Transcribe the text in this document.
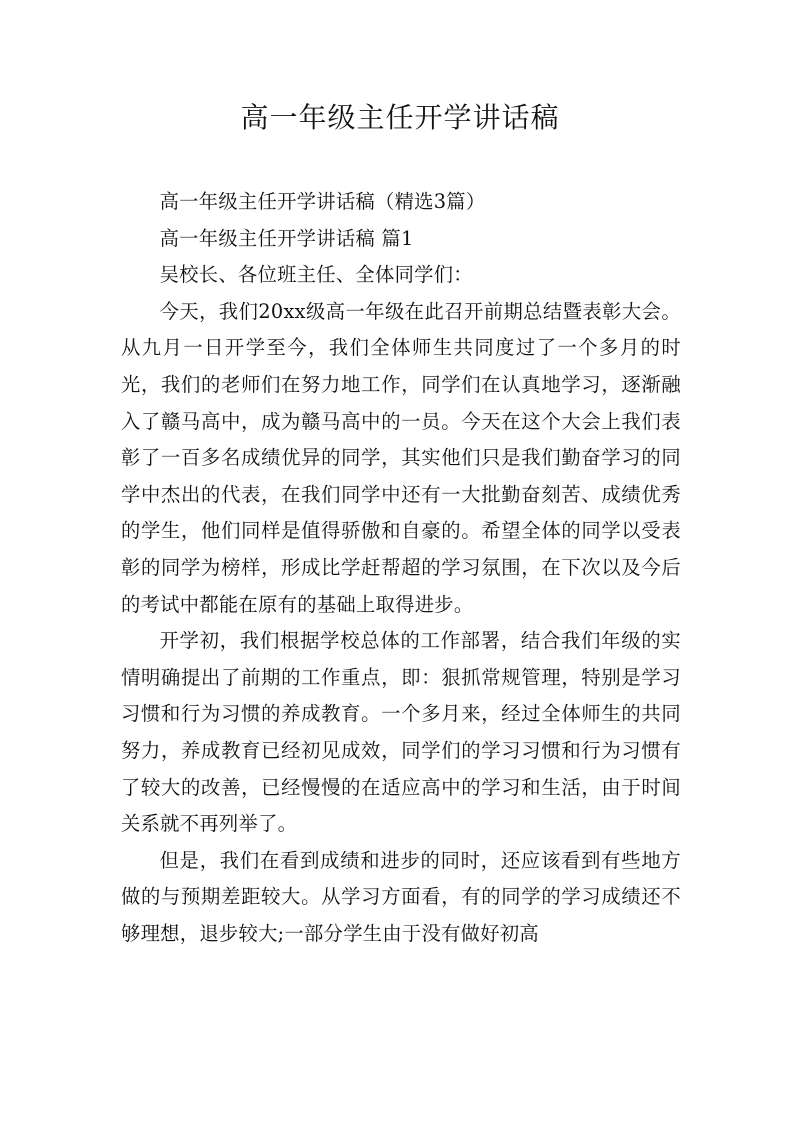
高一年级主任开学讲话稿

高一年级主任开学讲话稿（精选3篇）

高一年级主任开学讲话稿 篇1

吴校长、各位班主任、全体同学们：

今天，我们20xx级高一年级在此召开前期总结暨表彰大会。从九月一日开学至今，我们全体师生共同度过了一个多月的时光，我们的老师们在努力地工作，同学们在认真地学习，逐渐融入了赣马高中，成为赣马高中的一员。今天在这个大会上我们表彰了一百多名成绩优异的同学，其实他们只是我们勤奋学习的同学中杰出的代表，在我们同学中还有一大批勤奋刻苦、成绩优秀的学生，他们同样是值得骄傲和自豪的。希望全体的同学以受表彰的同学为榜样，形成比学赶帮超的学习氛围，在下次以及今后的考试中都能在原有的基础上取得进步。

开学初，我们根据学校总体的工作部署，结合我们年级的实情明确提出了前期的工作重点，即：狠抓常规管理，特别是学习习惯和行为习惯的养成教育。一个多月来，经过全体师生的共同努力，养成教育已经初见成效，同学们的学习习惯和行为习惯有了较大的改善，已经慢慢的在适应高中的学习和生活，由于时间关系就不再列举了。

但是，我们在看到成绩和进步的同时，还应该看到有些地方做的与预期差距较大。从学习方面看，有的同学的学习成绩还不够理想，退步较大;一部分学生由于没有做好初高
